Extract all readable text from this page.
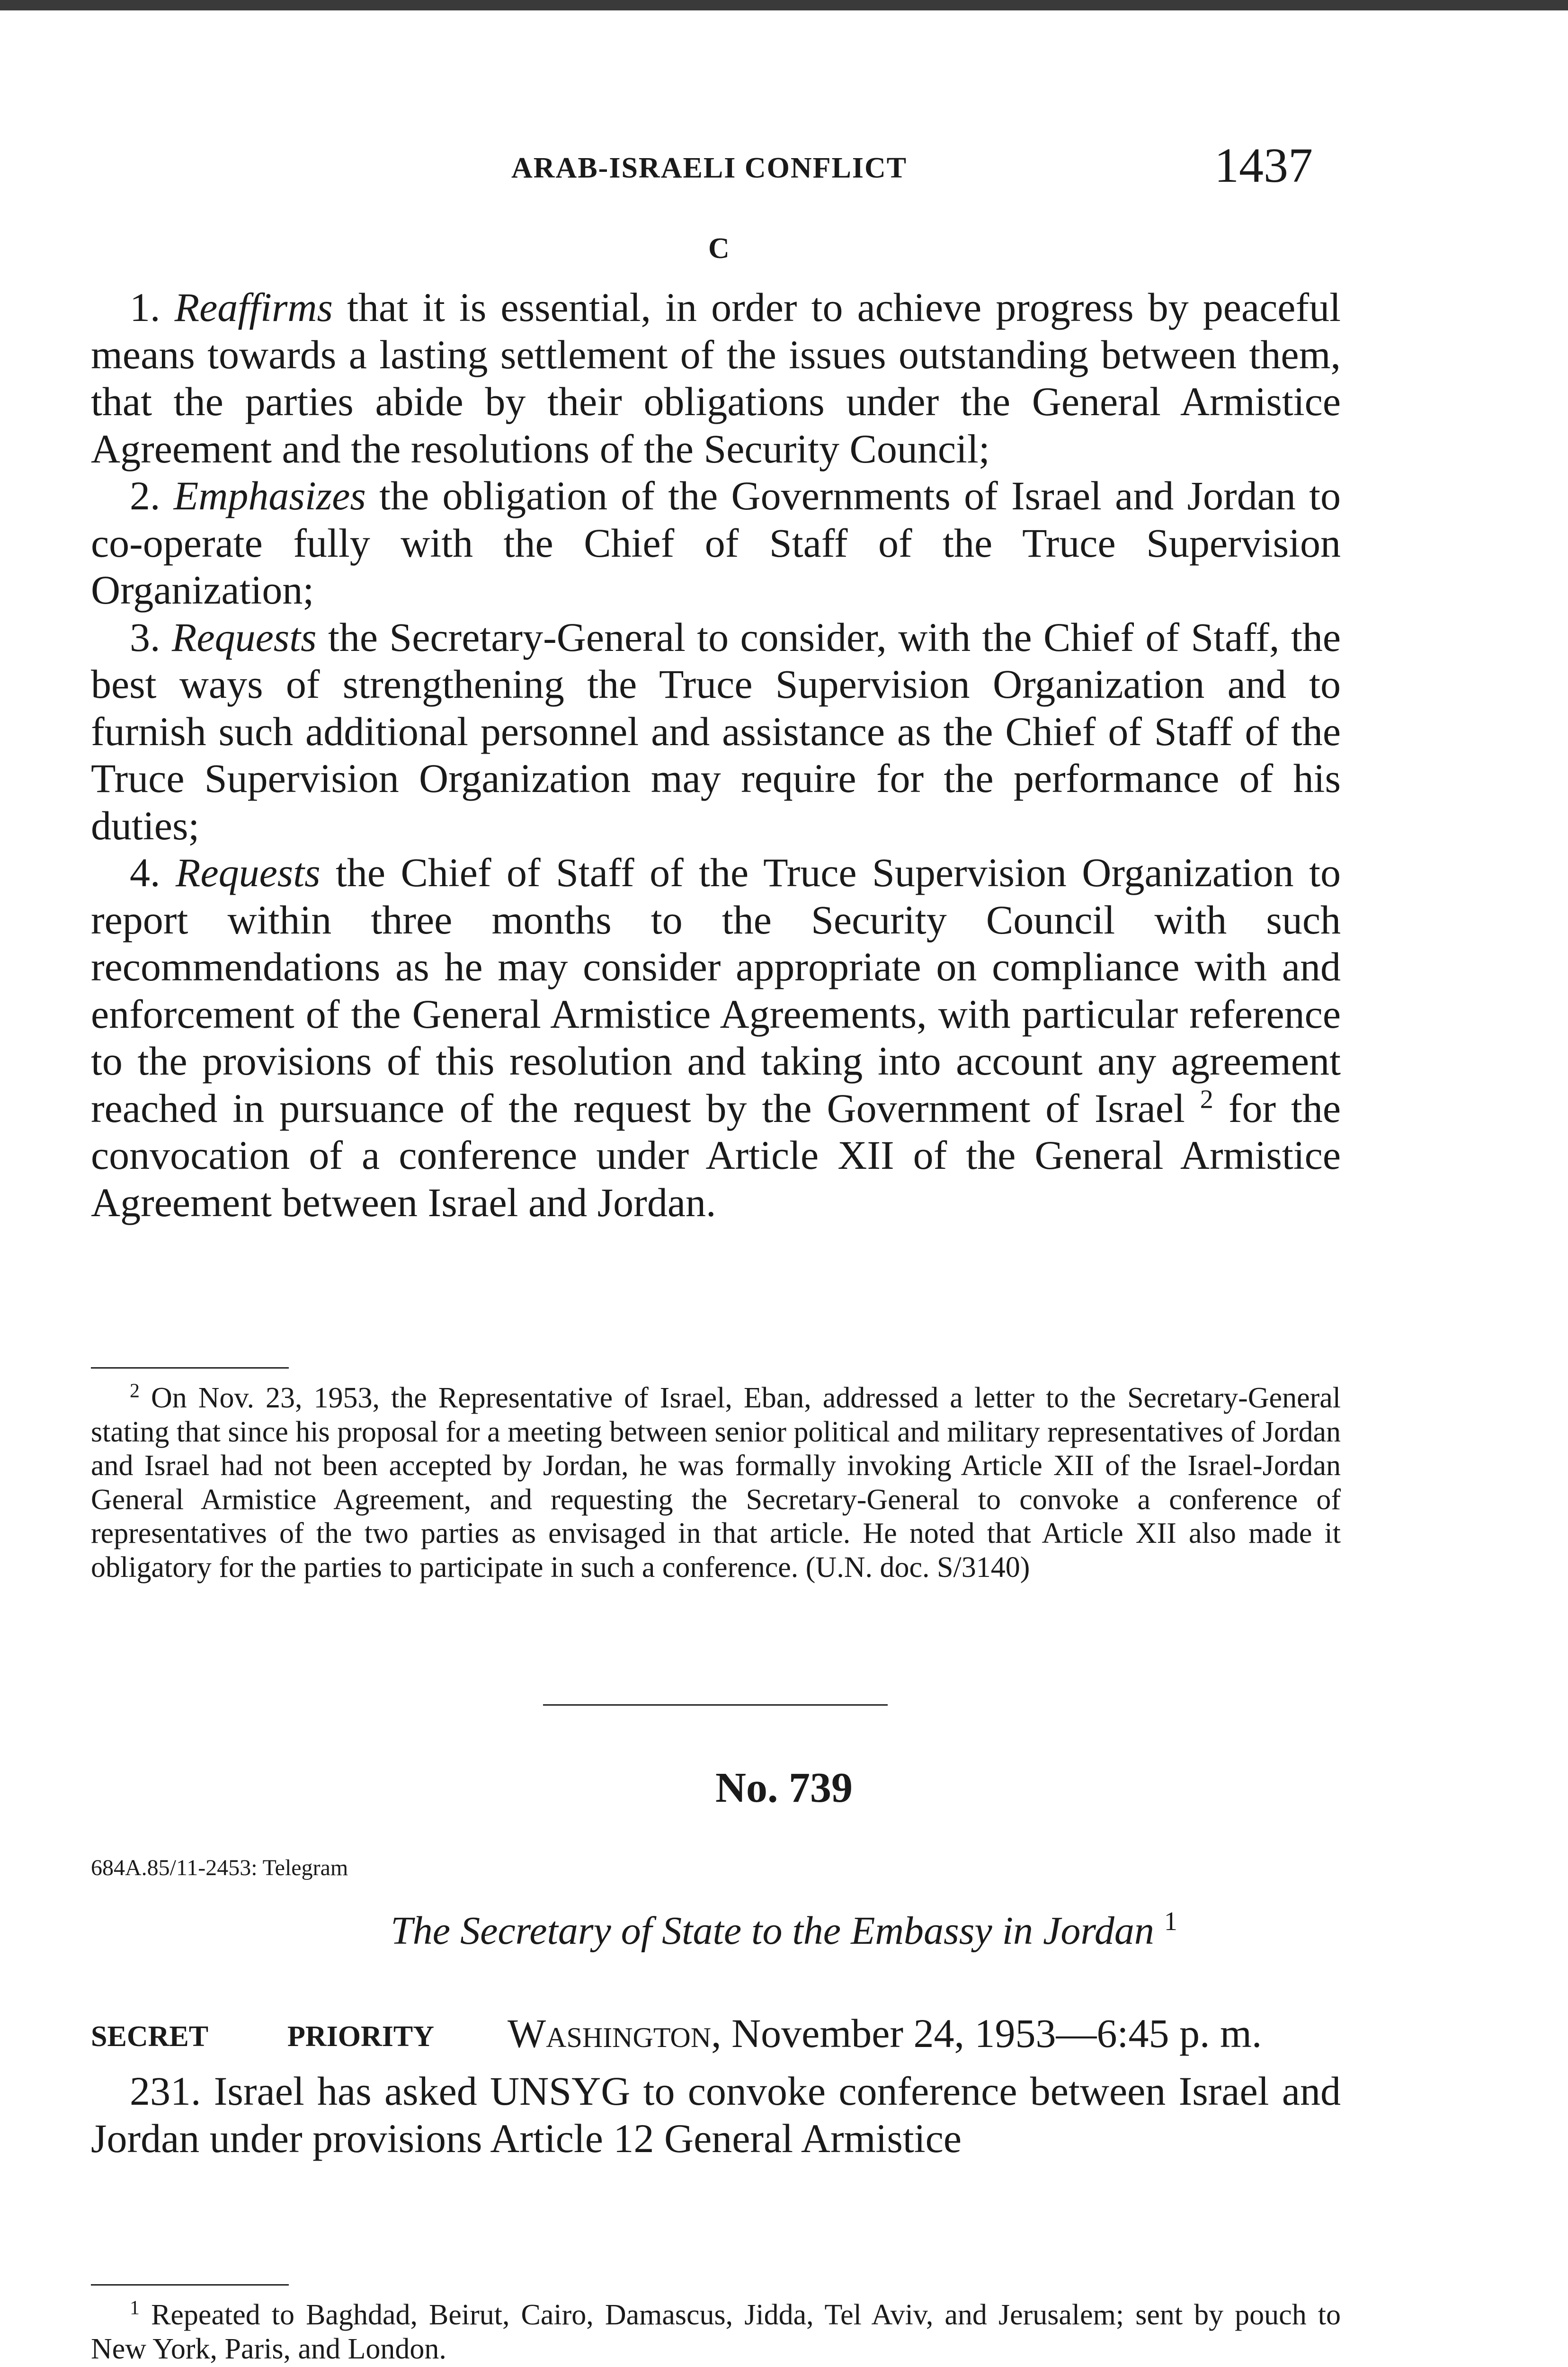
ARAB-ISRAELI CONFLICT	1437
C

1. Reaffirms that it is essential, in order to achieve progress by peaceful means towards a lasting settlement of the issues outstanding between them, that the parties abide by their obligations under the General Armistice Agreement and the resolutions of the Security Council;

2. Emphasizes the obligation of the Governments of Israel and Jordan to co-operate fully with the Chief of Staff of the Truce Supervision Organization;

3. Requests the Secretary-General to consider, with the Chief of Staff, the best ways of strengthening the Truce Supervision Organization and to furnish such additional personnel and assistance as the Chief of Staff of the Truce Supervision Organization may require for the performance of his duties;

4. Requests the Chief of Staff of the Truce Supervision Organization to report within three months to the Security Council with such recommendations as he may consider appropriate on compliance with and enforcement of the General Armistice Agreements, with particular reference to the provisions of this resolution and taking into account any agreement reached in pursuance of the request by the Government of Israel $^2$ for the convocation of a conference under Article XII of the General Armistice Agreement between Israel and Jordan.

$^2$ On Nov. 23, 1953, the Representative of Israel, Eban, addressed a letter to the Secretary-General stating that since his proposal for a meeting between senior political and military representatives of Jordan and Israel had not been accepted by Jordan, he was formally invoking Article XII of the Israel-Jordan General Armistice Agreement, and requesting the Secretary-General to convoke a conference of representatives of the two parties as envisaged in that article. He noted that Article XII also made it obligatory for the parties to participate in such a conference. (U.N. doc. S/3140)

No. 739
684A.85/11-2453: Telegram
The Secretary of State to the Embassy in Jordan $^1$
SECRET	PRIORITY Washington, November 24, 1953—6:45 p. m.

231. Israel has asked UNSYG to convoke conference between Israel and Jordan under provisions Article 12 General Armistice

$^1$ Repeated to Baghdad, Beirut, Cairo, Damascus, Jidda, Tel Aviv, and Jerusalem; sent by pouch to New York, Paris, and London.
